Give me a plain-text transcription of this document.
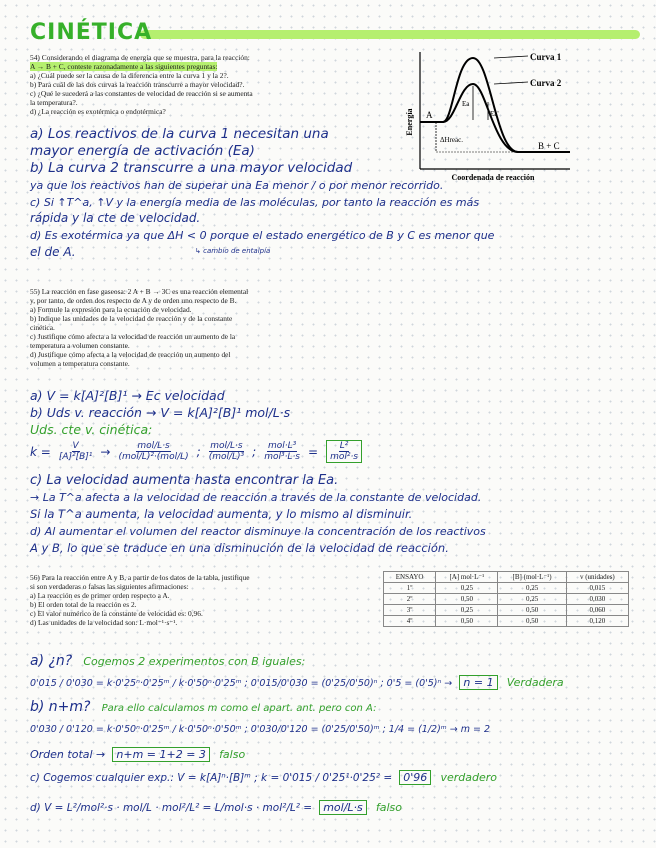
CINÉTICA
54) Considerando el diagrama de energía que se muestra, para la reacción:
A → B + C, conteste razonadamente a las siguientes preguntas:
a) ¿Cuál puede ser la causa de la diferencia entre la curva 1 y la 2?.
b) Para cuál de las dos curvas la reacción transcurre a mayor velocidad?.
c) ¿Qué le sucederá a las constantes de velocidad de reacción si se aumenta
la temperatura?.
d) ¿La reacción es exotérmica o endotérmica?
Curva 1
Curva 2
Energía
Coordenada de reacción
A
B + C
Ea
Ea'
ΔHreac.
a) Los reactivos de la curva 1 necesitan una
mayor energía de activación (Ea)
b) La curva 2 transcurre a una mayor velocidad
ya que los reactivos han de superar una Ea menor / o por menor recorrido.
c) Si ↑T^a, ↑V y la energía media de las moléculas, por tanto la reacción es más
rápida y la cte de velocidad.
d) Es exotérmica ya que ΔH < 0 porque el estado energético de B y C es menor que
el de A.	↳ cambio de entalpía
55) La reacción en fase gaseosa: 2 A + B → 3C es una reacción elemental
y, por tanto, de orden dos respecto de A y de orden uno respecto de B.
a) Formule la expresión para la ecuación de velocidad.
b) Indique las unidades de la velocidad de reacción y de la constante
cinética.
c) Justifique cómo afecta a la velocidad de reacción un aumento de la
temperatura a volumen constante.
d) Justifique cómo afecta a la velocidad de reacción un aumento del
volumen a temperatura constante.
a) V = k[A]²[B]¹ → Ec velocidad
b) Uds v. reacción → V = k[A]²[B]¹ mol/L·s
Uds. cte v. cinética:
$k = \frac{V}{\text{[A]²[B]¹}} \to \frac{\text{mol/L·s}}{\text{(mol/L)²·(mol/L)}}$ ; $\frac{\text{mol/L·s}}{\text{(mol/L)³}}$ ; $\frac{\text{mol·L³}}{\text{mol³·L·s}} = \frac{\text{L²}}{\text{mol²·s}}$
c) La velocidad aumenta hasta encontrar la Ea.
→ La T^a afecta a la velocidad de reacción a través de la constante de velocidad.
Si la T^a aumenta, la velocidad aumenta, y lo mismo al disminuir.
d) Al aumentar el volumen del reactor disminuye la concentración de los reactivos
A y B, lo que se traduce en una disminución de la velocidad de reacción.
56) Para la reacción entre A y B, a partir de los datos de la tabla, justifique
si son verdaderas o falsas las siguientes afirmaciones:
a) La reacción es de primer orden respecto a A.
b) El orden total de la reacción es 2.
c) El valor numérico de la constante de velocidad es: 0,96.
d) Las unidades de la velocidad son: L·mol⁻¹·s⁻¹.
ENSAYO	[A] mol·L⁻¹	[B] (mol·L⁻¹)	v (unidades)
1º	0,25	0,25	0,015
2º	0,50	0,25	0,030
3º	0,25	0,50	0,060
4º	0,50	0,50	0,120
a) ¿n? Cogemos 2 experimentos con B iguales:
0'015 / 0'030 = k·0'25ⁿ·0'25ᵐ / k·0'50ⁿ·0'25ᵐ ; 0'015/0'030 = (0'25/0'50)ⁿ ; 0'5 = (0'5)ⁿ → n = 1 Verdadera
b) n+m? Para ello calculamos m como el apart. ant. pero con A:
0'030 / 0'120 = k·0'50ⁿ·0'25ᵐ / k·0'50ⁿ·0'50ᵐ ; 0'030/0'120 = (0'25/0'50)ᵐ ; 1/4 = (1/2)ᵐ → m = 2
Orden total → n+m = 1+2 = 3 falso
c) Cogemos cualquier exp.: V = k[A]ⁿ·[B]ᵐ ; k = 0'015 / 0'25¹·0'25² = 0'96 verdadero
d) V = L²/mol²·s · mol/L · mol²/L² = L/mol·s · mol²/L² = mol/L·s falso
